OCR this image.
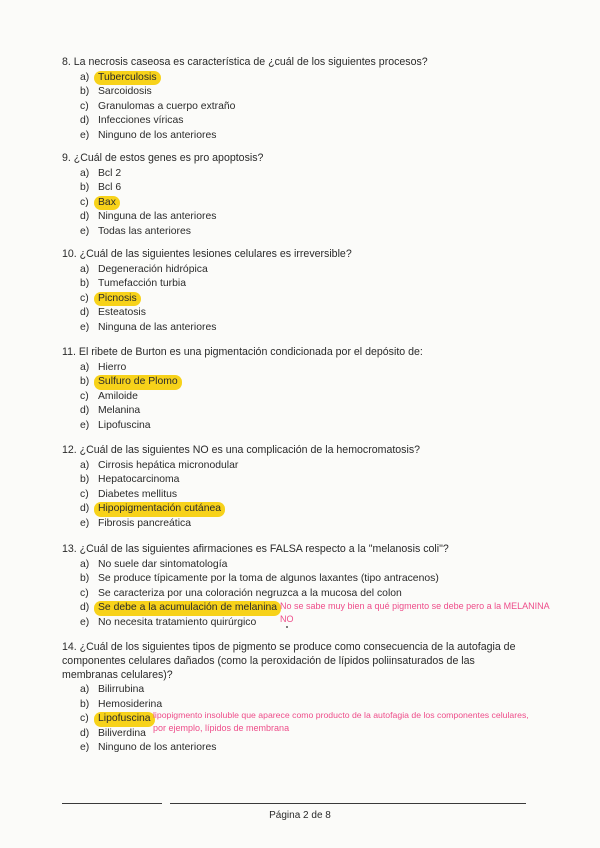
8. La necrosis caseosa es característica de ¿cuál de los siguientes procesos?
a) Tuberculosis
b) Sarcoidosis
c) Granulomas a cuerpo extraño
d) Infecciones víricas
e) Ninguno de los anteriores
9. ¿Cuál de estos genes es pro apoptosis?
a) Bcl 2
b) Bcl 6
c) Bax
d) Ninguna de las anteriores
e) Todas las anteriores
10. ¿Cuál de las siguientes lesiones celulares es irreversible?
a) Degeneración hidrópica
b) Tumefacción turbia
c) Picnosis
d) Esteatosis
e) Ninguna de las anteriores
11. El ribete de Burton es una pigmentación condicionada por el depósito de:
a) Hierro
b) Sulfuro de Plomo
c) Amiloide
d) Melanina
e) Lipofuscina
12. ¿Cuál de las siguientes NO es una complicación de la hemocromatosis?
a) Cirrosis hepática micronodular
b) Hepatocarcinoma
c) Diabetes mellitus
d) Hipopigmentación cutánea
e) Fibrosis pancreática
13. ¿Cuál de las siguientes afirmaciones es FALSA respecto a la "melanosis coli"?
a) No suele dar sintomatología
b) Se produce típicamente por la toma de algunos laxantes (tipo antracenos)
c) Se caracteriza por una coloración negruzca a la mucosa del colon
d) Se debe a la acumulación de melanina
e) No necesita tratamiento quirúrgico
14. ¿Cuál de los siguientes tipos de pigmento se produce como consecuencia de la autofagia de componentes celulares dañados (como la peroxidación de lípidos poliinsaturados de las membranas celulares)?
a) Bilirrubina
b) Hemosiderina
c) Lipofuscina
d) Biliverdina
e) Ninguno de los anteriores
No se sabe muy bien a qué pigmento se debe pero a la MELANINA
NO
lipopigmento insoluble que aparece como producto de la autofagia de los componentes celulares,
por ejemplo, lípidos de membrana
Página 2 de 8
